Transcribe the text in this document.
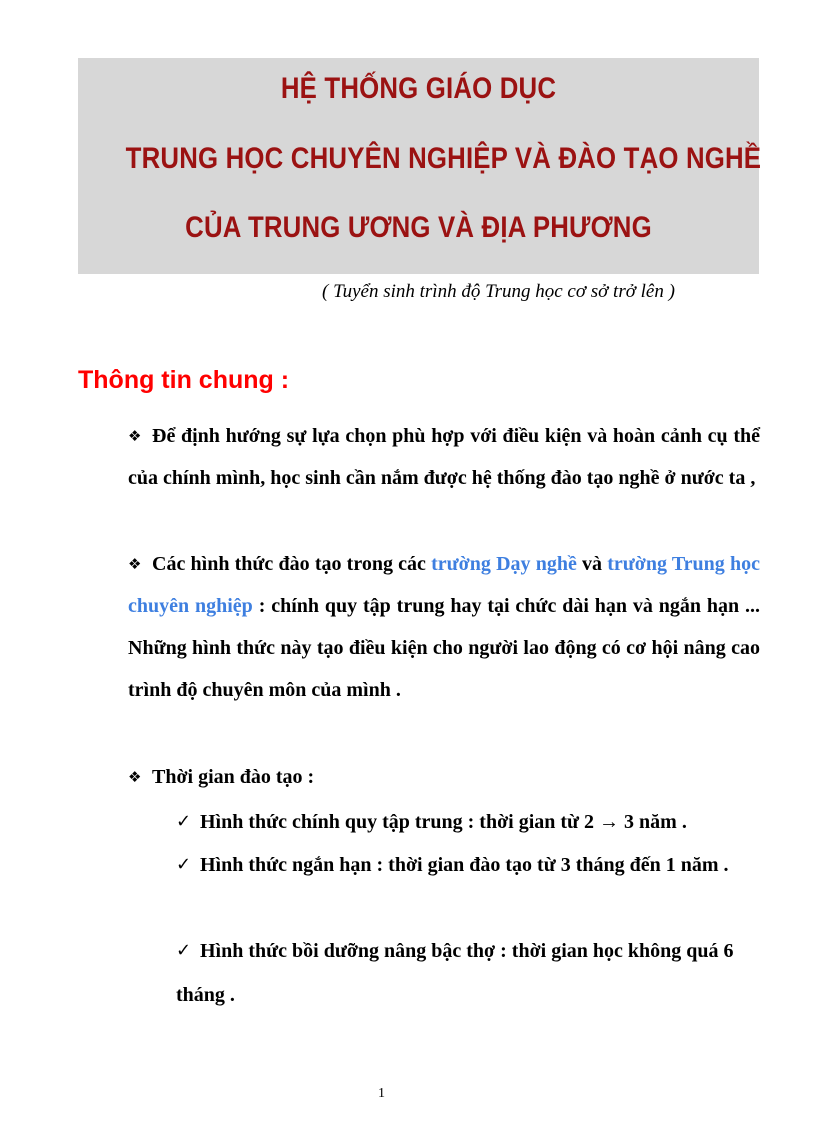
HỆ THỐNG GIÁO DỤC
TRUNG HỌC CHUYÊN NGHIỆP VÀ ĐÀO TẠO NGHỀ
CỦA TRUNG ƯƠNG VÀ ĐỊA PHƯƠNG
( Tuyển sinh trình độ Trung học cơ sở trở lên )
Thông tin chung :
❖ Để định hướng sự lựa chọn phù hợp với điều kiện và hoàn cảnh cụ thể của chính mình, học sinh cần nắm được hệ thống đào tạo nghề ở nước ta ,
❖ Các hình thức đào tạo trong các trường Dạy nghề và trường Trung học chuyên nghiệp : chính quy tập trung hay tại chức dài hạn và ngắn hạn ... Những hình thức này tạo điều kiện cho người lao động có cơ hội nâng cao trình độ chuyên môn của mình .
❖ Thời gian đào tạo :
✓ Hình thức chính quy tập trung : thời gian từ 2 → 3 năm .
✓ Hình thức ngắn hạn : thời gian đào tạo từ 3 tháng đến 1 năm .
✓ Hình thức bồi dưỡng nâng bậc thợ : thời gian học không quá 6 tháng .
1
